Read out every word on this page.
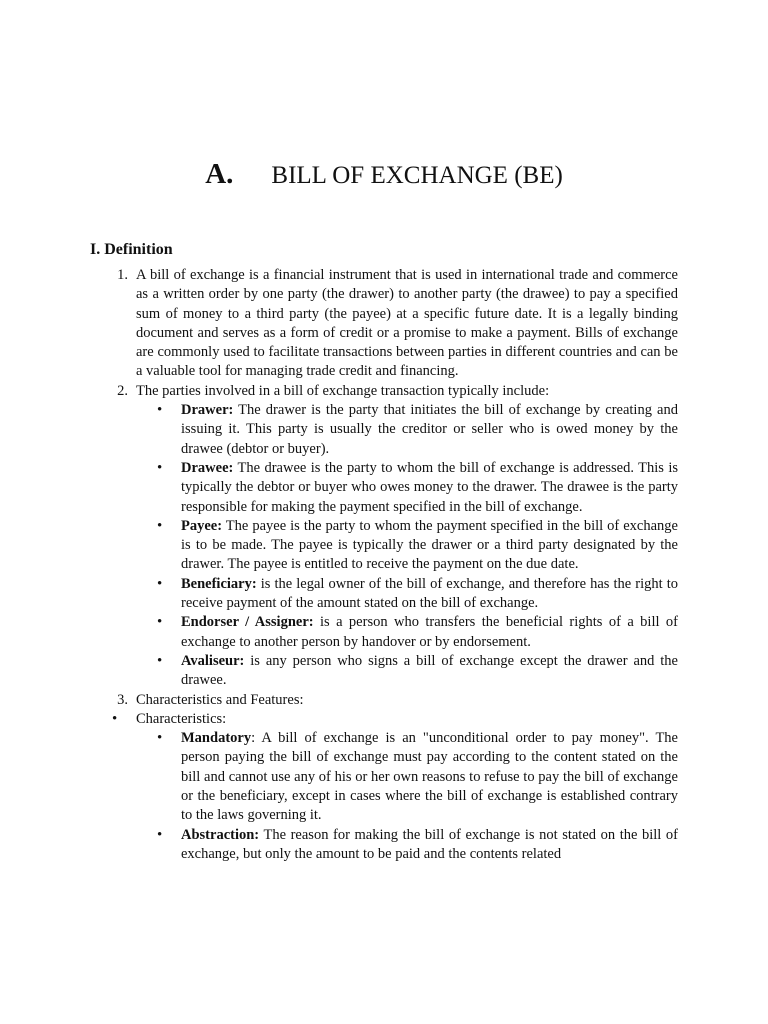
A. BILL OF EXCHANGE (BE)
I. Definition
1. A bill of exchange is a financial instrument that is used in international trade and commerce as a written order by one party (the drawer) to another party (the drawee) to pay a specified sum of money to a third party (the payee) at a specific future date. It is a legally binding document and serves as a form of credit or a promise to make a payment. Bills of exchange are commonly used to facilitate transactions between parties in different countries and can be a valuable tool for managing trade credit and financing.
2. The parties involved in a bill of exchange transaction typically include:
• Drawer: The drawer is the party that initiates the bill of exchange by creating and issuing it. This party is usually the creditor or seller who is owed money by the drawee (debtor or buyer).
• Drawee: The drawee is the party to whom the bill of exchange is addressed. This is typically the debtor or buyer who owes money to the drawer. The drawee is the party responsible for making the payment specified in the bill of exchange.
• Payee: The payee is the party to whom the payment specified in the bill of exchange is to be made. The payee is typically the drawer or a third party designated by the drawer. The payee is entitled to receive the payment on the due date.
• Beneficiary: is the legal owner of the bill of exchange, and therefore has the right to receive payment of the amount stated on the bill of exchange.
• Endorser / Assigner: is a person who transfers the beneficial rights of a bill of exchange to another person by handover or by endorsement.
• Avaliseur: is any person who signs a bill of exchange except the drawer and the drawee.
3. Characteristics and Features:
• Characteristics:
• Mandatory: A bill of exchange is an "unconditional order to pay money". The person paying the bill of exchange must pay according to the content stated on the bill and cannot use any of his or her own reasons to refuse to pay the bill of exchange or the beneficiary, except in cases where the bill of exchange is established contrary to the laws governing it.
• Abstraction: The reason for making the bill of exchange is not stated on the bill of exchange, but only the amount to be paid and the contents related
